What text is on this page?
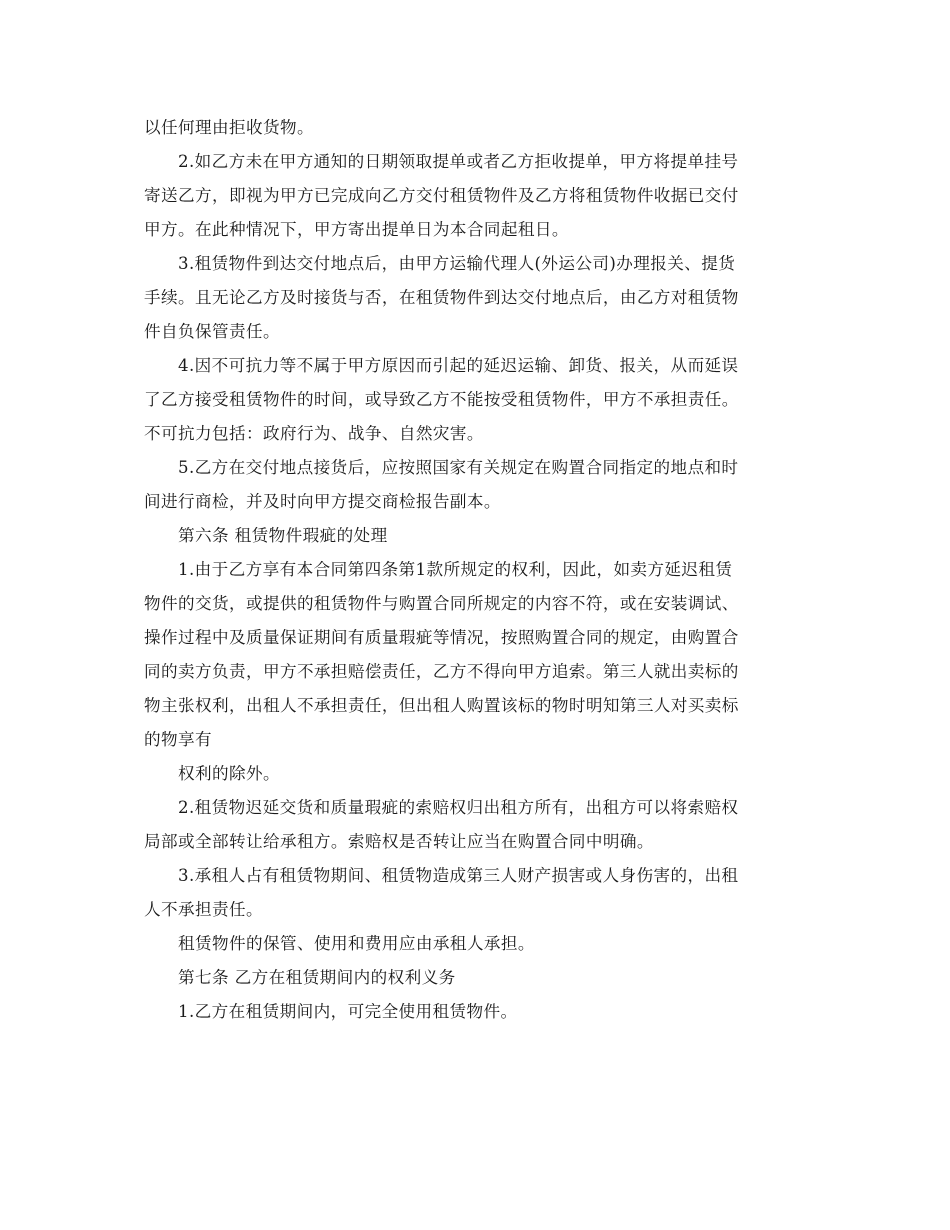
以任何理由拒收货物。
2.如乙方未在甲方通知的日期领取提单或者乙方拒收提单，甲方将提单挂号
寄送乙方，即视为甲方已完成向乙方交付租赁物件及乙方将租赁物件收据已交付
甲方。在此种情况下，甲方寄出提单日为本合同起租日。
3.租赁物件到达交付地点后，由甲方运输代理人(外运公司)办理报关、提货
手续。且无论乙方及时接货与否，在租赁物件到达交付地点后，由乙方对租赁物
件自负保管责任。
4.因不可抗力等不属于甲方原因而引起的延迟运输、卸货、报关，从而延误
了乙方接受租赁物件的时间，或导致乙方不能按受租赁物件，甲方不承担责任。
不可抗力包括：政府行为、战争、自然灾害。
5.乙方在交付地点接货后，应按照国家有关规定在购置合同指定的地点和时
间进行商检，并及时向甲方提交商检报告副本。
第六条 租赁物件瑕疵的处理
1.由于乙方享有本合同第四条第1款所规定的权利，因此，如卖方延迟租赁
物件的交货，或提供的租赁物件与购置合同所规定的内容不符，或在安装调试、
操作过程中及质量保证期间有质量瑕疵等情况，按照购置合同的规定，由购置合
同的卖方负责，甲方不承担赔偿责任，乙方不得向甲方追索。第三人就出卖标的
物主张权利，出租人不承担责任，但出租人购置该标的物时明知第三人对买卖标
的物享有
权利的除外。
2.租赁物迟延交货和质量瑕疵的索赔权归出租方所有，出租方可以将索赔权
局部或全部转让给承租方。索赔权是否转让应当在购置合同中明确。
3.承租人占有租赁物期间、租赁物造成第三人财产损害或人身伤害的，出租
人不承担责任。
租赁物件的保管、使用和费用应由承租人承担。
第七条 乙方在租赁期间内的权利义务
1.乙方在租赁期间内，可完全使用租赁物件。
